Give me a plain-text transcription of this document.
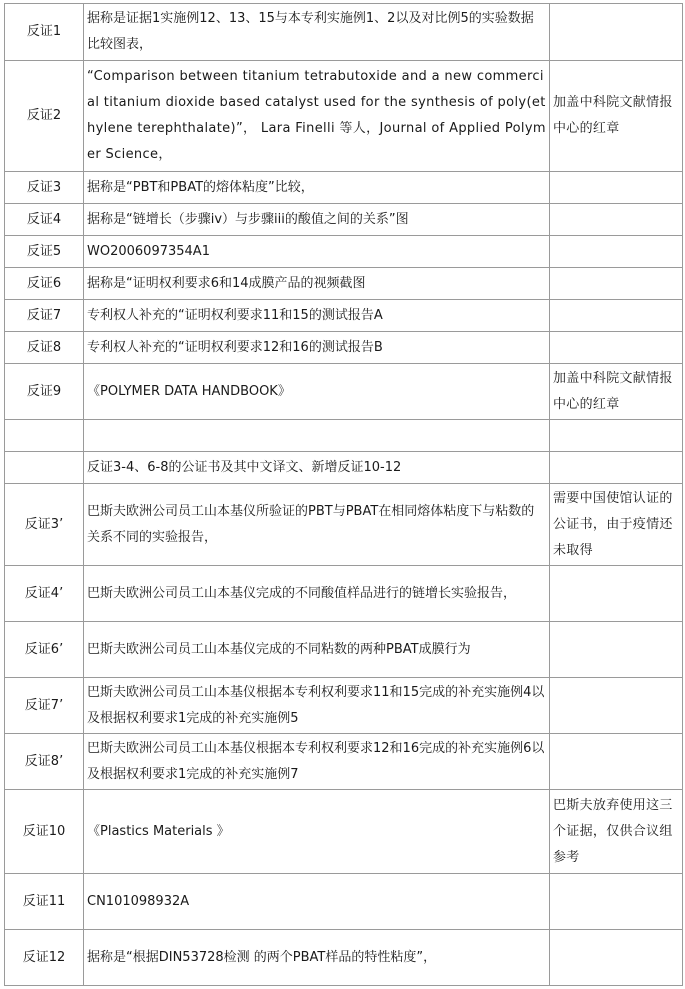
反证1	据称是证据1实施例12、13、15与本专利实施例1、2以及对比例5的实验数据比较图表，	
反证2	“Comparison between titanium tetrabutoxide and a new commercial titanium dioxide based catalyst used for the synthesis of poly(ethylene terephthalate)”， Lara Finelli 等人，Journal of Applied Polymer Science，	加盖中科院文献情报中心的红章
反证3	据称是“PBT和PBAT的熔体粘度”比较，	
反证4	据称是“链增长（步骤iv）与步骤iii的酸值之间的关系”图	
反证5	WO2006097354A1	
反证6	据称是“证明权利要求6和14成膜产品的视频截图	
反证7	专利权人补充的“证明权利要求11和15的测试报告A	
反证8	专利权人补充的“证明权利要求12和16的测试报告B	
反证9	《POLYMER DATA HANDBOOK》	加盖中科院文献情报中心的红章

	反证3-4、6-8的公证书及其中文译文、新增反证10-12	
反证3’	巴斯夫欧洲公司员工山本基仪所验证的PBT与PBAT在相同熔体粘度下与粘数的关系不同的实验报告，	需要中国使馆认证的公证书，由于疫情还未取得
反证4’	巴斯夫欧洲公司员工山本基仪完成的不同酸值样品进行的链增长实验报告，	
反证6’	巴斯夫欧洲公司员工山本基仪完成的不同粘数的两种PBAT成膜行为	
反证7’	巴斯夫欧洲公司员工山本基仪根据本专利权利要求11和15完成的补充实施例4以及根据权利要求1完成的补充实施例5	
反证8’	巴斯夫欧洲公司员工山本基仪根据本专利权利要求12和16完成的补充实施例6以及根据权利要求1完成的补充实施例7	
反证10	《Plastics Materials 》	巴斯夫放弃使用这三个证据，仅供合议组参考
反证11	CN101098932A	
反证12	据称是“根据DIN53728检测 的两个PBAT样品的特性粘度”，	
